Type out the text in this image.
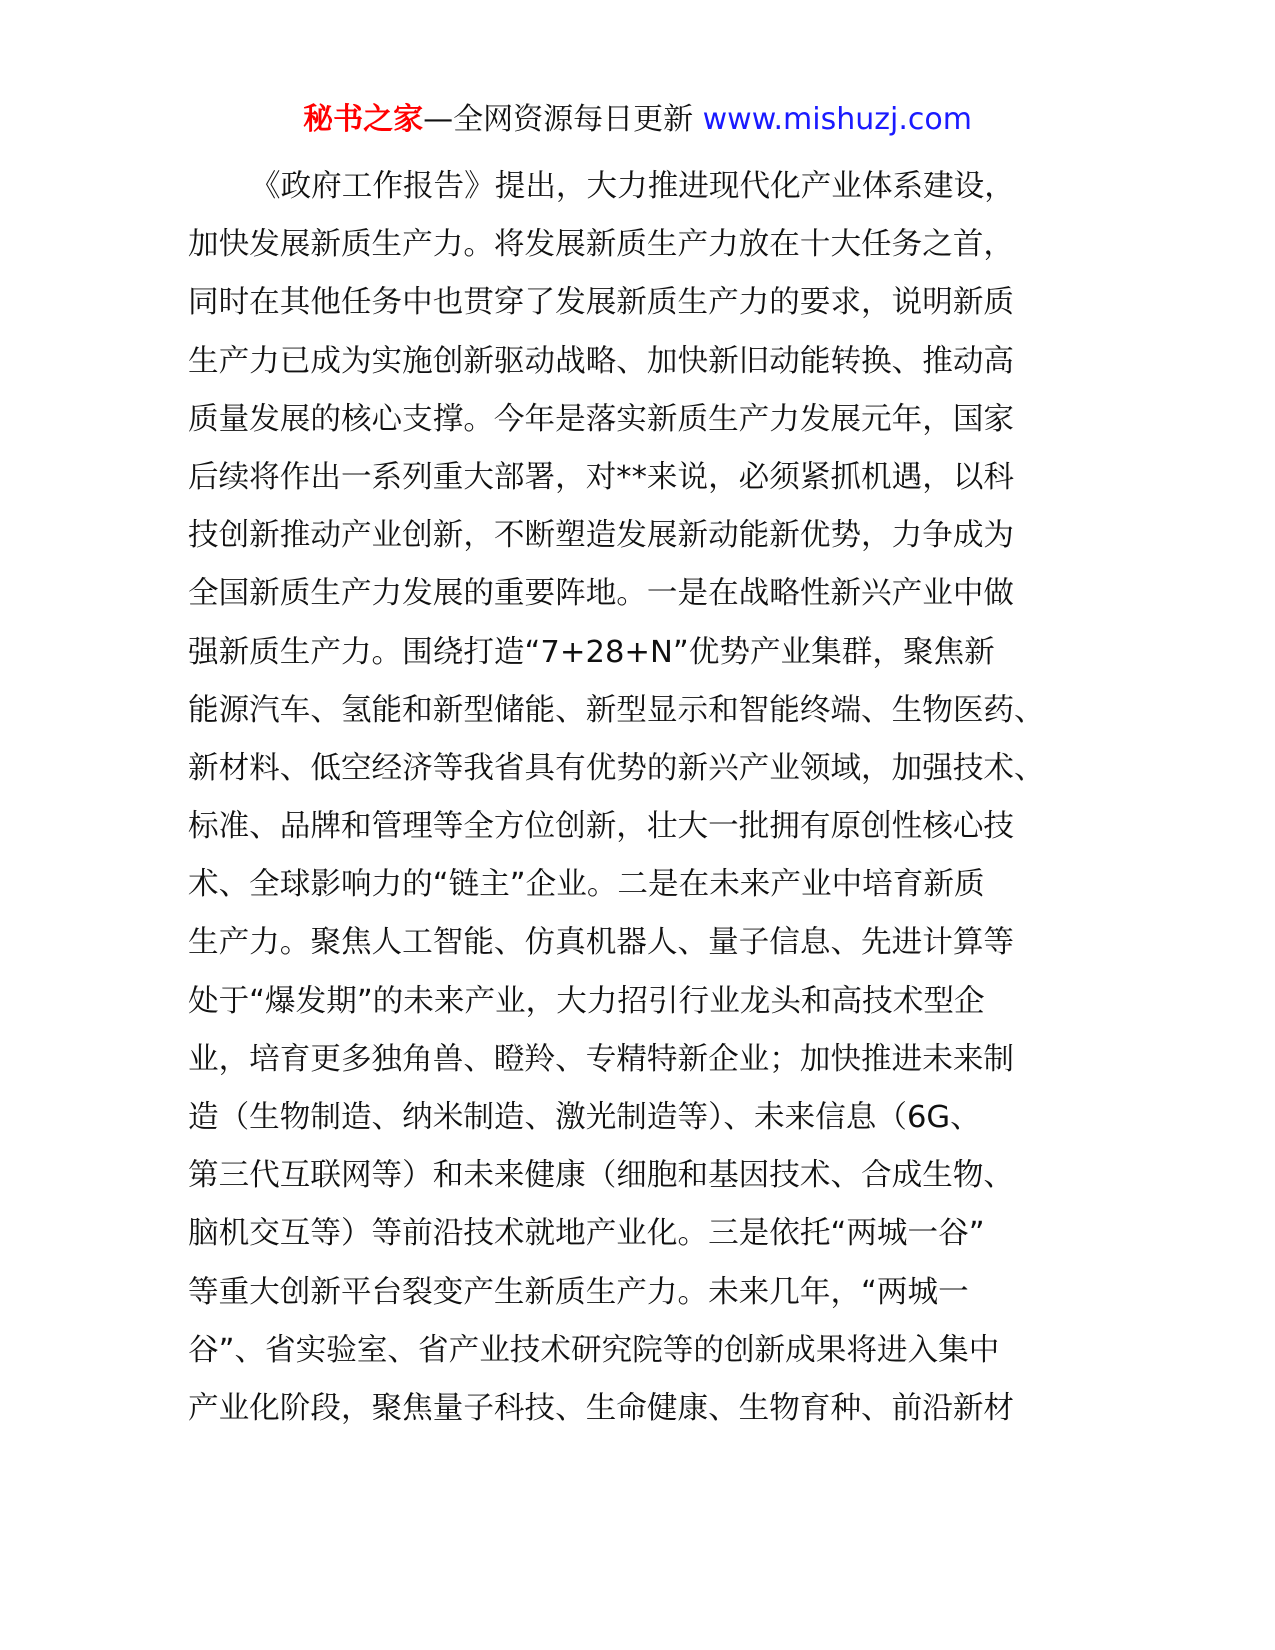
秘书之家—全网资源每日更新 www.mishuzj.com
《政府工作报告》提出，大力推进现代化产业体系建设，
加快发展新质生产力。将发展新质生产力放在十大任务之首，
同时在其他任务中也贯穿了发展新质生产力的要求，说明新质
生产力已成为实施创新驱动战略、加快新旧动能转换、推动高
质量发展的核心支撑。今年是落实新质生产力发展元年，国家
后续将作出一系列重大部署，对**来说，必须紧抓机遇，以科
技创新推动产业创新，不断塑造发展新动能新优势，力争成为
全国新质生产力发展的重要阵地。一是在战略性新兴产业中做
强新质生产力。围绕打造“7+28+N”优势产业集群，聚焦新
能源汽车、氢能和新型储能、新型显示和智能终端、生物医药、
新材料、低空经济等我省具有优势的新兴产业领域，加强技术、
标准、品牌和管理等全方位创新，壮大一批拥有原创性核心技
术、全球影响力的“链主”企业。二是在未来产业中培育新质
生产力。聚焦人工智能、仿真机器人、量子信息、先进计算等
处于“爆发期”的未来产业，大力招引行业龙头和高技术型企
业，培育更多独角兽、瞪羚、专精特新企业；加快推进未来制
造（生物制造、纳米制造、激光制造等）、未来信息（6G、
第三代互联网等）和未来健康（细胞和基因技术、合成生物、
脑机交互等）等前沿技术就地产业化。三是依托“两城一谷”
等重大创新平台裂变产生新质生产力。未来几年，“两城一
谷”、省实验室、省产业技术研究院等的创新成果将进入集中
产业化阶段，聚焦量子科技、生命健康、生物育种、前沿新材
